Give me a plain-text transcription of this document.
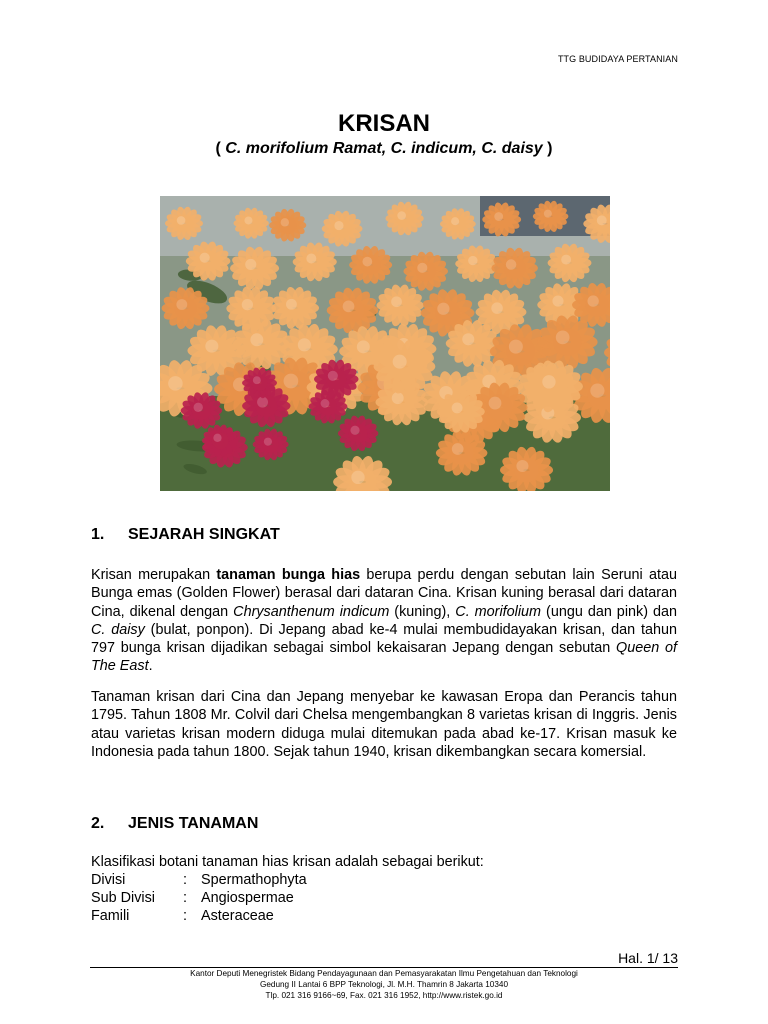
TTG BUDIDAYA PERTANIAN
KRISAN
( C. morifolium Ramat, C. indicum, C. daisy )
1. SEJARAH SINGKAT
Krisan merupakan tanaman bunga hias berupa perdu dengan sebutan lain Seruni atau Bunga emas (Golden Flower) berasal dari dataran Cina. Krisan kuning berasal dari dataran Cina, dikenal dengan Chrysanthenum indicum (kuning), C. morifolium (ungu dan pink) dan C. daisy (bulat, ponpon). Di Jepang abad ke-4 mulai membudidayakan krisan, dan tahun 797 bunga krisan dijadikan sebagai simbol kekaisaran Jepang dengan sebutan Queen of The East.
Tanaman krisan dari Cina dan Jepang menyebar ke kawasan Eropa dan Perancis tahun 1795. Tahun 1808 Mr. Colvil dari Chelsa mengembangkan 8 varietas krisan di Inggris. Jenis atau varietas krisan modern diduga mulai ditemukan pada abad ke-17. Krisan masuk ke Indonesia pada tahun 1800. Sejak tahun 1940, krisan dikembangkan secara komersial.
2. JENIS TANAMAN
Klasifikasi botani tanaman hias krisan adalah sebagai berikut:
Divisi	: Spermathophyta
Sub Divisi : Angiospermae
Famili	: Asteraceae
Hal. 1/ 13
Kantor Deputi Menegristek Bidang Pendayagunaan dan Pemasyarakatan Ilmu Pengetahuan dan Teknologi
Gedung II Lantai 6 BPP Teknologi, Jl. M.H. Thamrin 8 Jakarta 10340
Tlp. 021 316 9166~69, Fax. 021 316 1952, http://www.ristek.go.id
